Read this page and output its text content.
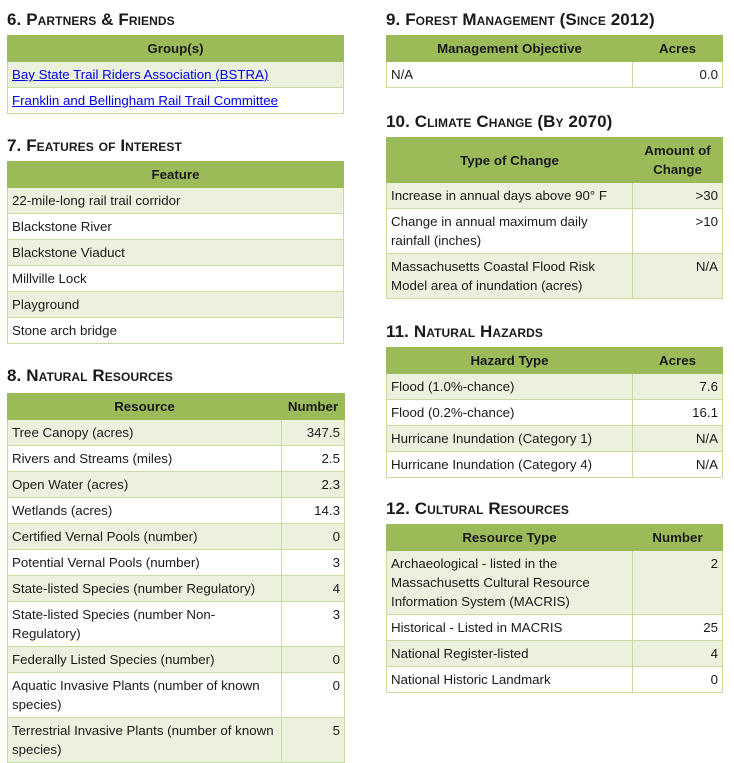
6. Partners & Friends
Group(s)
Bay State Trail Riders Association (BSTRA)
Franklin and Bellingham Rail Trail Committee
7. Features of Interest
Feature
22-mile-long rail trail corridor
Blackstone River
Blackstone Viaduct
Millville Lock
Playground
Stone arch bridge
8. Natural Resources
Resource	Number
Tree Canopy (acres)	347.5
Rivers and Streams (miles)	2.5
Open Water (acres)	2.3
Wetlands (acres)	14.3
Certified Vernal Pools (number)	0
Potential Vernal Pools (number)	3
State-listed Species (number Regulatory)	4
State-listed Species (number Non-Regulatory)	3
Federally Listed Species (number)	0
Aquatic Invasive Plants (number of known species)	0
Terrestrial Invasive Plants (number of known species)	5
9. Forest Management (Since 2012)
Management Objective	Acres
N/A	0.0
10. Climate Change (By 2070)
Type of Change	Amount of Change
Increase in annual days above 90° F	>30
Change in annual maximum daily rainfall (inches)	>10
Massachusetts Coastal Flood Risk Model area of inundation (acres)	N/A
11. Natural Hazards
Hazard Type	Acres
Flood (1.0%-chance)	7.6
Flood (0.2%-chance)	16.1
Hurricane Inundation (Category 1)	N/A
Hurricane Inundation (Category 4)	N/A
12. Cultural Resources
Resource Type	Number
Archaeological - listed in the Massachusetts Cultural Resource Information System (MACRIS)	2
Historical - Listed in MACRIS	25
National Register-listed	4
National Historic Landmark	0
